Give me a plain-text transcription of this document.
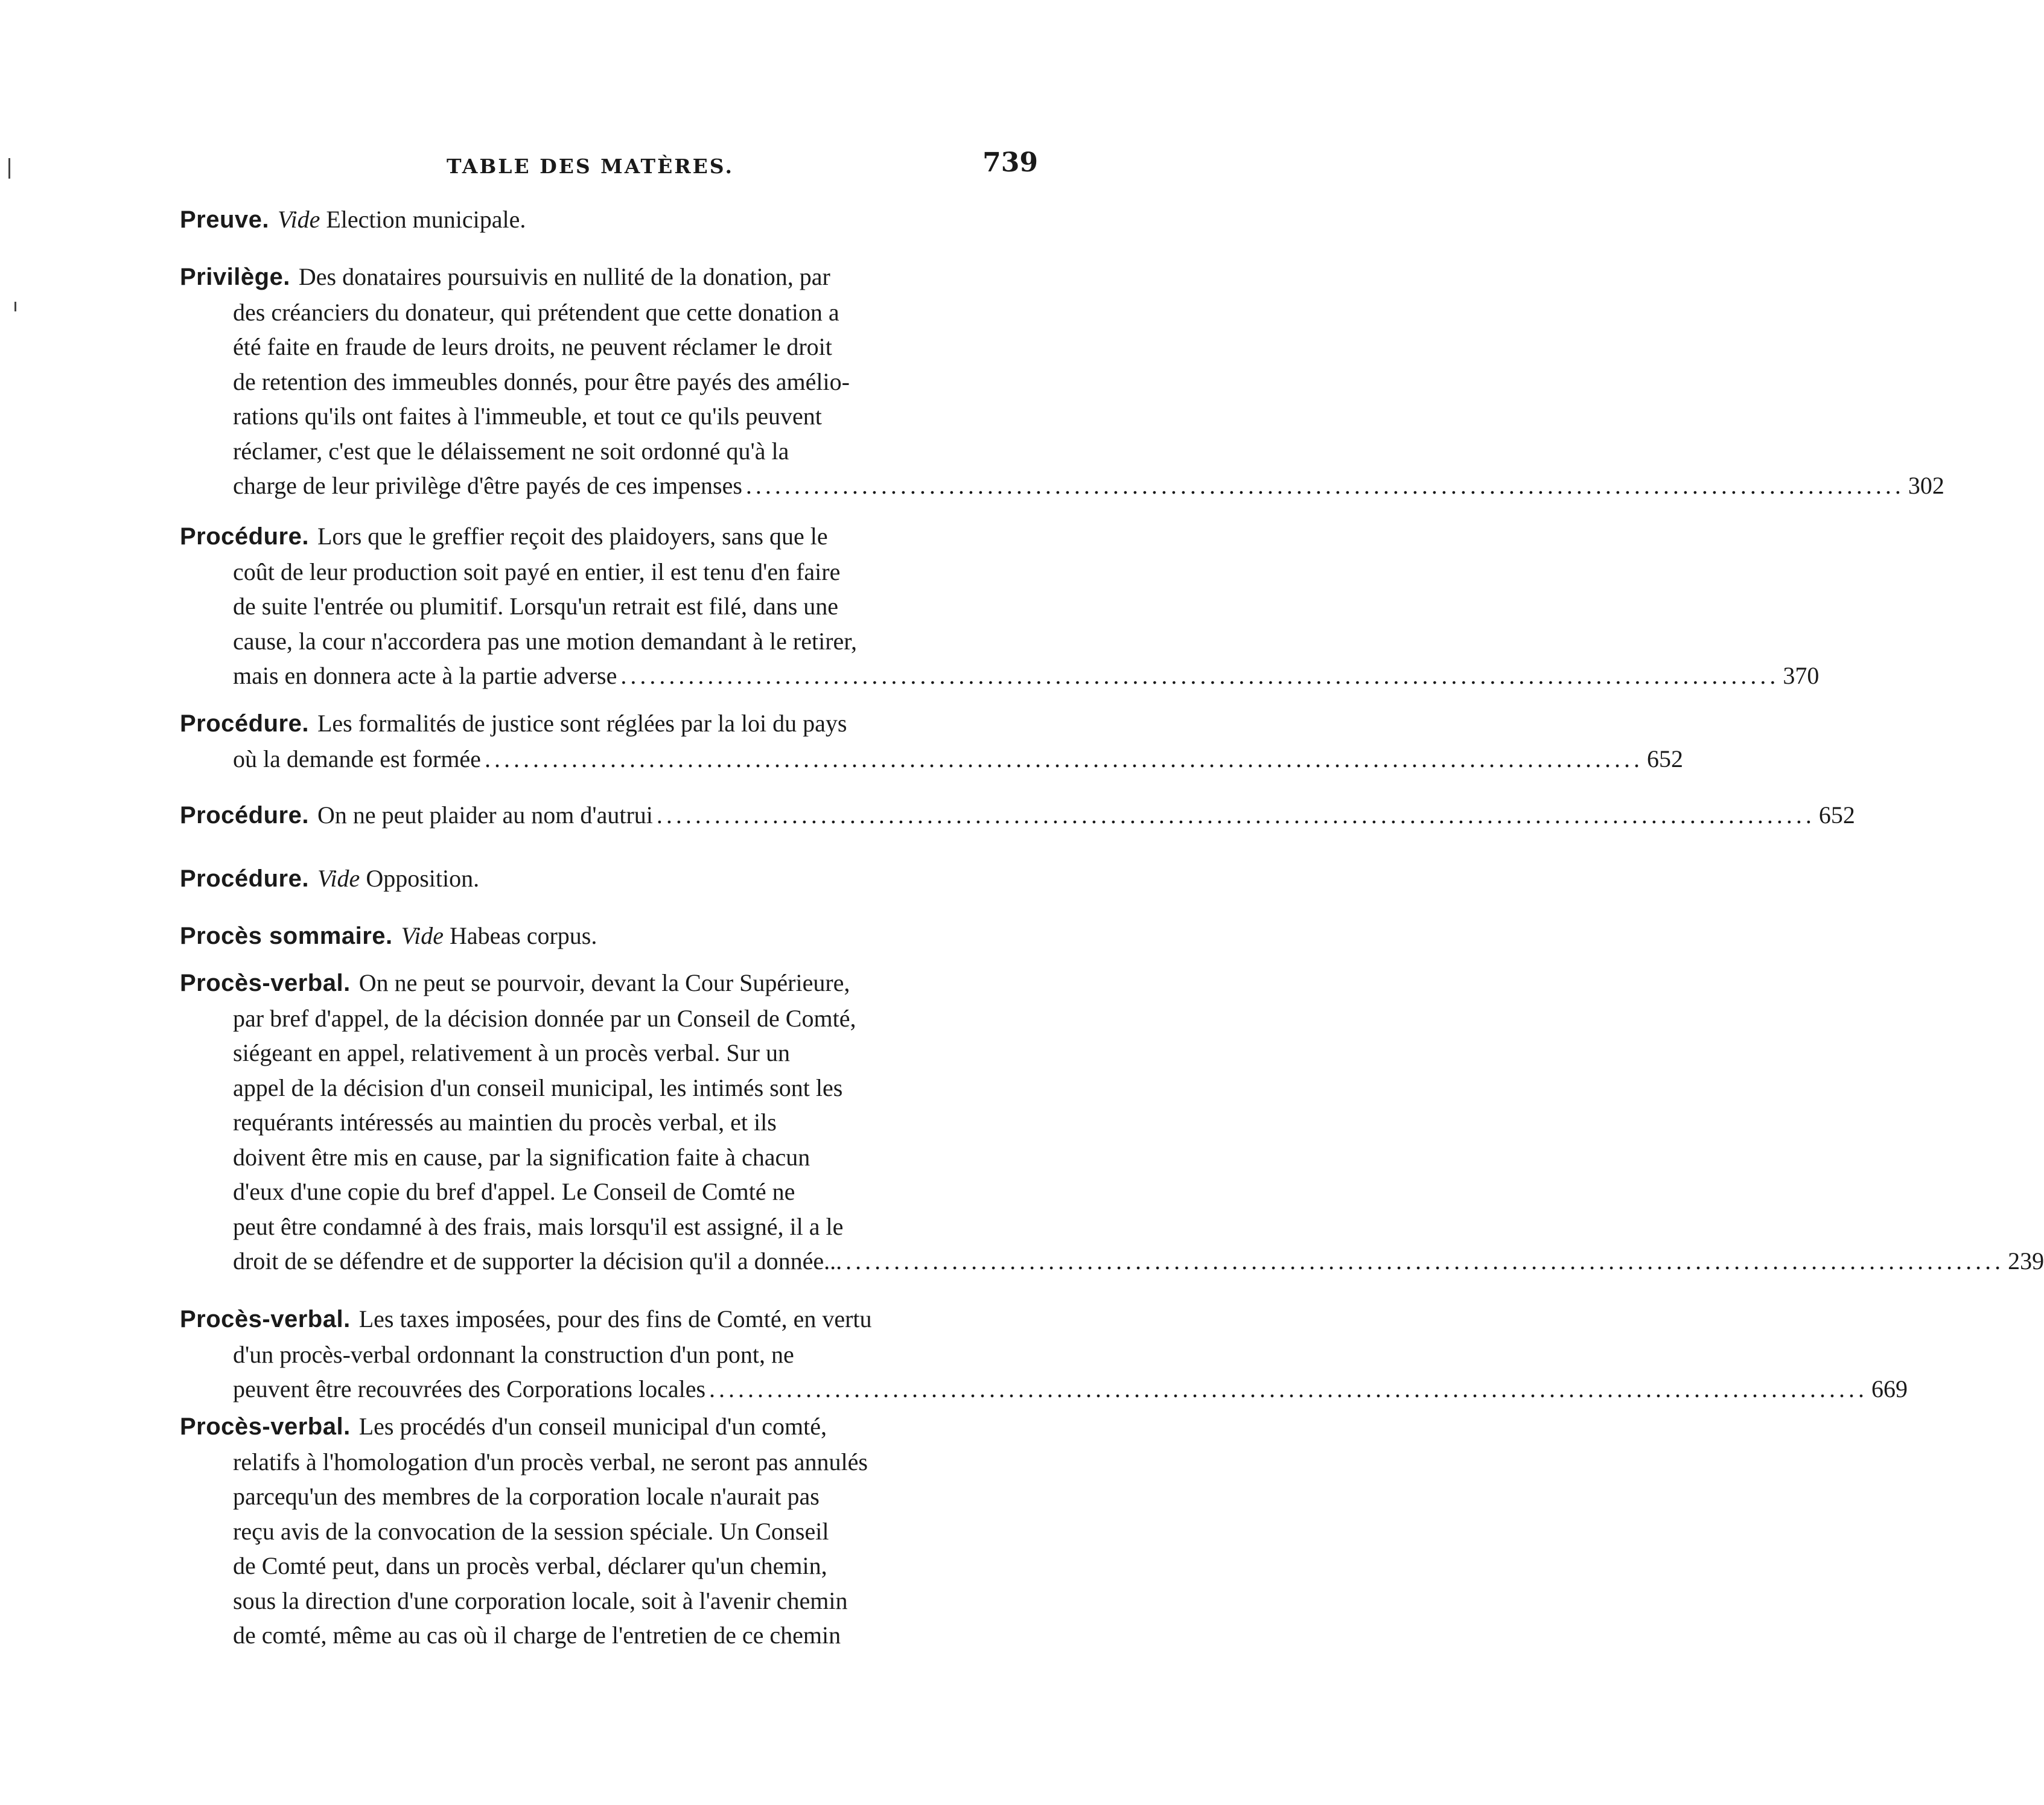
TABLE DES MATÈRES.	739
Preuve. Vide Election municipale.
Privilège. Des donataires poursuivis en nullité de la donation, par
des créanciers du donateur, qui prétendent que cette donation a
été faite en fraude de leurs droits, ne peuvent réclamer le droit
de retention des immeubles donnés, pour être payés des amélio-
rations qu'ils ont faites à l'immeuble, et tout ce qu'ils peuvent
réclamer, c'est que le délaissement ne soit ordonné qu'à la
charge de leur privilège d'être payés de ces impenses ........................................................................................................................ 302
Procédure. Lors que le greffier reçoit des plaidoyers, sans que le
coût de leur production soit payé en entier, il est tenu d'en faire
de suite l'entrée ou plumitif. Lorsqu'un retrait est filé, dans une
cause, la cour n'accordera pas une motion demandant à le retirer,
mais en donnera acte à la partie adverse ........................................................................................................................ 370
Procédure. Les formalités de justice sont réglées par la loi du pays
où la demande est formée ........................................................................................................................ 652
Procédure. On ne peut plaider au nom d'autrui ........................................................................................................................ 652
Procédure. Vide Opposition.
Procès sommaire. Vide Habeas corpus.
Procès-verbal. On ne peut se pourvoir, devant la Cour Supérieure,
par bref d'appel, de la décision donnée par un Conseil de Comté,
siégeant en appel, relativement à un procès verbal. Sur un
appel de la décision d'un conseil municipal, les intimés sont les
requérants intéressés au maintien du procès verbal, et ils
doivent être mis en cause, par la signification faite à chacun
d'eux d'une copie du bref d'appel. Le Conseil de Comté ne
peut être condamné à des frais, mais lorsqu'il est assigné, il a le
droit de se défendre et de supporter la décision qu'il a donnée... ........................................................................................................................ 239
Procès-verbal. Les taxes imposées, pour des fins de Comté, en vertu
d'un procès-verbal ordonnant la construction d'un pont, ne
peuvent être recouvrées des Corporations locales ........................................................................................................................ 669
Procès-verbal. Les procédés d'un conseil municipal d'un comté,
relatifs à l'homologation d'un procès verbal, ne seront pas annulés
parcequ'un des membres de la corporation locale n'aurait pas
reçu avis de la convocation de la session spéciale. Un Conseil
de Comté peut, dans un procès verbal, déclarer qu'un chemin,
sous la direction d'une corporation locale, soit à l'avenir chemin
de comté, même au cas où il charge de l'entretien de ce chemin
